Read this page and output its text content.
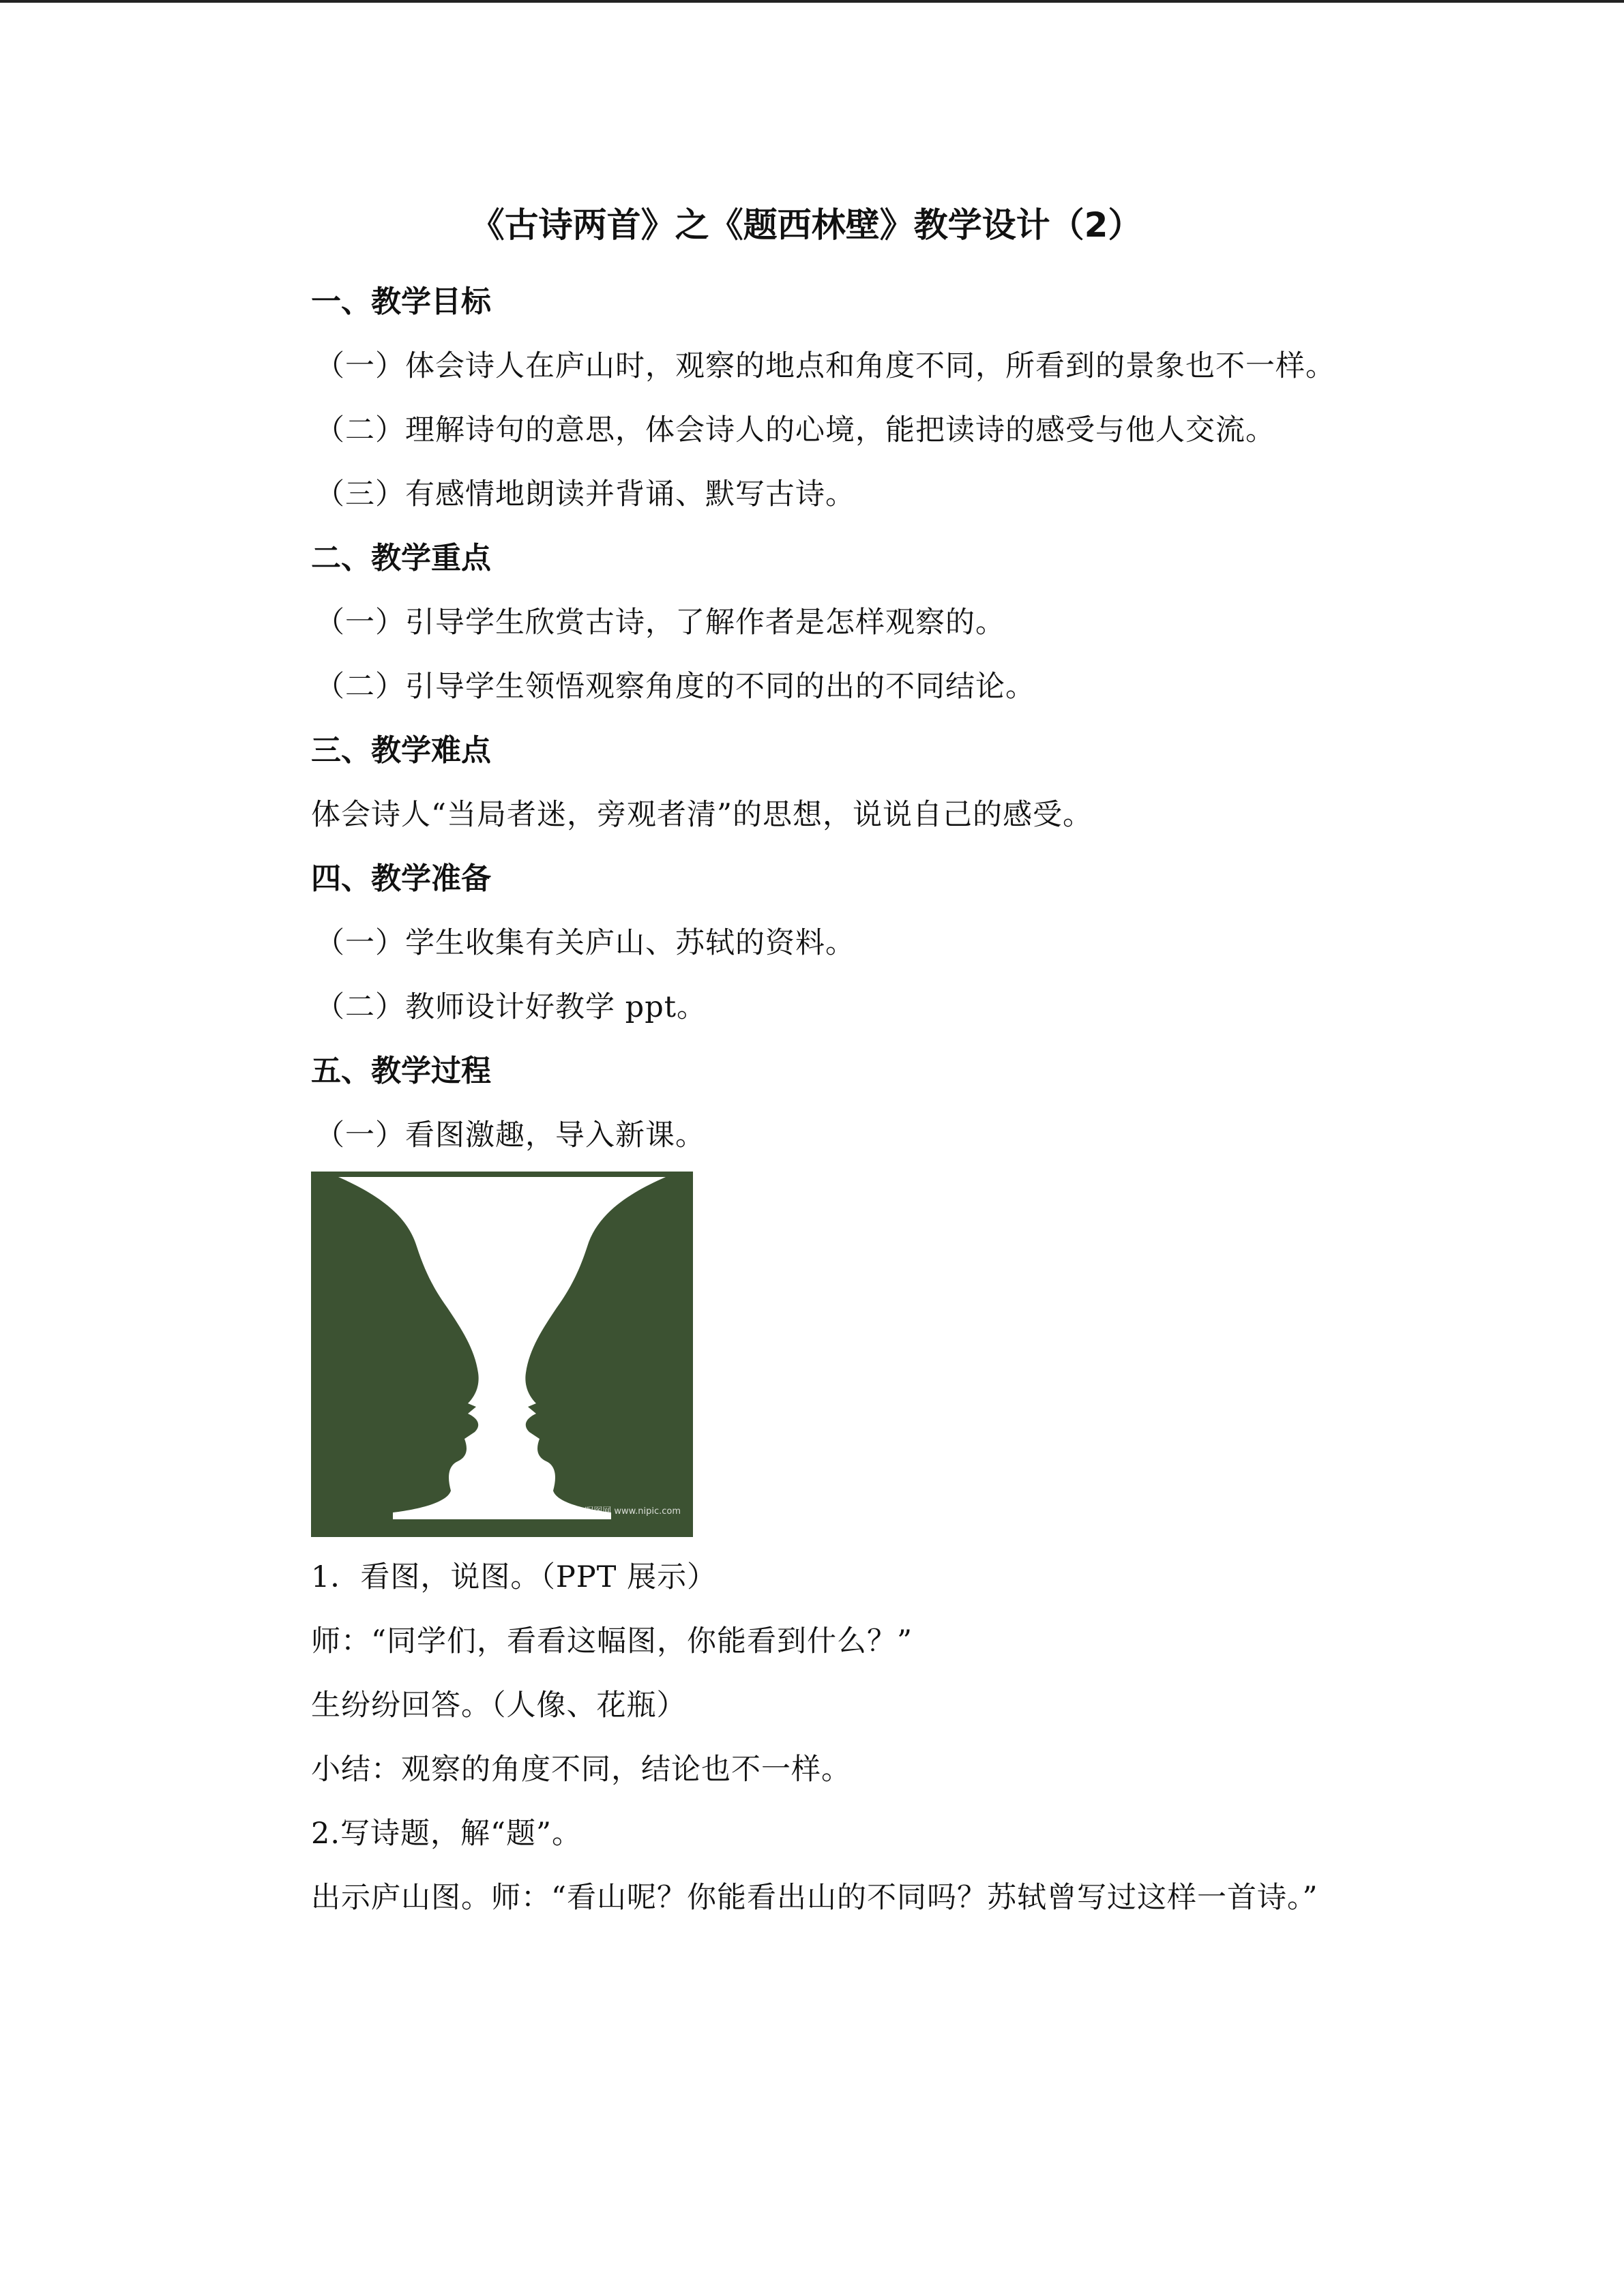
《古诗两首》之《题西林壁》教学设计（2）

一、教学目标

（一）体会诗人在庐山时，观察的地点和角度不同，所看到的景象也不一样。

（二）理解诗句的意思，体会诗人的心境，能把读诗的感受与他人交流。

（三）有感情地朗读并背诵、默写古诗。

二、教学重点

（一）引导学生欣赏古诗，了解作者是怎样观察的。

（二）引导学生领悟观察角度的不同的出的不同结论。

三、教学难点

体会诗人“当局者迷，旁观者清”的思想，说说自己的感受。

四、教学准备

（一）学生收集有关庐山、苏轼的资料。

（二）教师设计好教学 ppt。

五、教学过程

（一）看图激趣，导入新课。

昵图网 www.nipic.com

1．看图，说图。（PPT 展示）

师：“同学们，看看这幅图，你能看到什么？”

生纷纷回答。（人像、花瓶）

小结：观察的角度不同，结论也不一样。

2.写诗题，解“题”。

出示庐山图。师：“看山呢？你能看出山的不同吗？苏轼曾写过这样一首诗。”
